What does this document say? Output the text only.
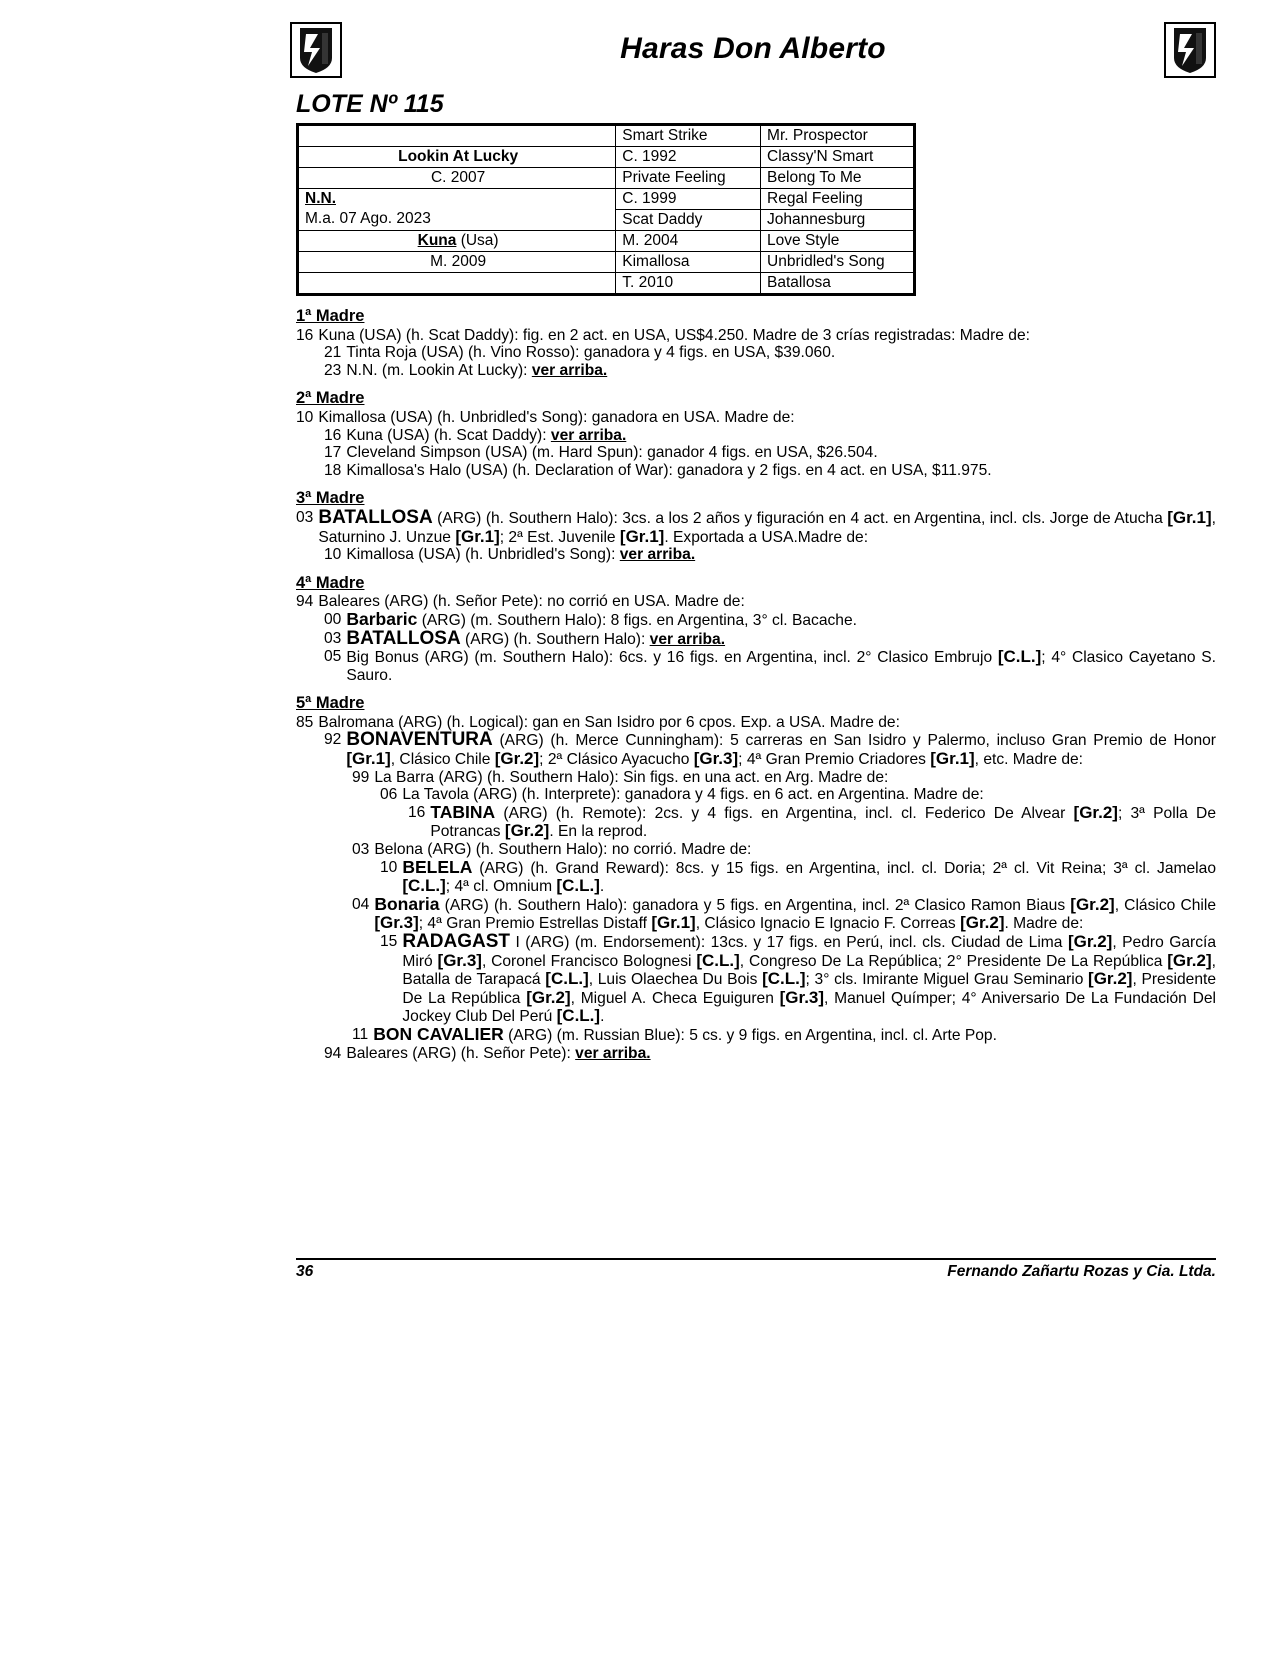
Haras Don Alberto
LOTE Nº 115
	Smart Strike	Mr. Prospector
Lookin At Lucky	C. 1992	Classy'N Smart
C. 2007	Private Feeling	Belong To Me
N.N.	C. 1999	Regal Feeling
M.a. 07 Ago. 2023	Scat Daddy	Johannesburg
Kuna (Usa)	M. 2004	Love Style
M. 2009	Kimallosa	Unbridled's Song
	T. 2010	Batallosa
1ª Madre
16 Kuna (USA) (h. Scat Daddy): fig. en 2 act. en USA, US$4.250. Madre de 3 crías registradas: Madre de:
21 Tinta Roja (USA) (h. Vino Rosso): ganadora y 4 figs. en USA, $39.060.
23 N.N. (m. Lookin At Lucky): ver arriba.
2ª Madre
10 Kimallosa (USA) (h. Unbridled's Song): ganadora en USA. Madre de:
16 Kuna (USA) (h. Scat Daddy): ver arriba.
17 Cleveland Simpson (USA) (m. Hard Spun): ganador 4 figs. en USA, $26.504.
18 Kimallosa's Halo (USA) (h. Declaration of War): ganadora y 2 figs. en 4 act. en USA, $11.975.
3ª Madre
03 BATALLOSA (ARG) (h. Southern Halo): 3cs. a los 2 años y figuración en 4 act. en Argentina, incl. cls. Jorge de Atucha [Gr.1], Saturnino J. Unzue [Gr.1]; 2ª Est. Juvenile [Gr.1]. Exportada a USA.Madre de:
10 Kimallosa (USA) (h. Unbridled's Song): ver arriba.
4ª Madre
94 Baleares (ARG) (h. Señor Pete): no corrió en USA. Madre de:
00 Barbaric (ARG) (m. Southern Halo): 8 figs. en Argentina, 3° cl. Bacache.
03 BATALLOSA (ARG) (h. Southern Halo): ver arriba.
05 Big Bonus (ARG) (m. Southern Halo): 6cs. y 16 figs. en Argentina, incl. 2° Clasico Embrujo [C.L.]; 4° Clasico Cayetano S. Sauro.
5ª Madre
85 Balromana (ARG) (h. Logical): gan en San Isidro por 6 cpos. Exp. a USA. Madre de:
92 BONAVENTURA (ARG) (h. Merce Cunningham): 5 carreras en San Isidro y Palermo, incluso Gran Premio de Honor [Gr.1], Clásico Chile [Gr.2]; 2ª Clásico Ayacucho [Gr.3]; 4ª Gran Premio Criadores [Gr.1], etc. Madre de:
99 La Barra (ARG) (h. Southern Halo): Sin figs. en una act. en Arg. Madre de:
06 La Tavola (ARG) (h. Interprete): ganadora y 4 figs. en 6 act. en Argentina. Madre de:
16 TABINA (ARG) (h. Remote): 2cs. y 4 figs. en Argentina, incl. cl. Federico De Alvear [Gr.2]; 3ª Polla De Potrancas [Gr.2]. En la reprod.
03 Belona (ARG) (h. Southern Halo): no corrió. Madre de:
10 BELELA (ARG) (h. Grand Reward): 8cs. y 15 figs. en Argentina, incl. cl. Doria; 2ª cl. Vit Reina; 3ª cl. Jamelao [C.L.]; 4ª cl. Omnium [C.L.].
04 Bonaria (ARG) (h. Southern Halo): ganadora y 5 figs. en Argentina, incl. 2ª Clasico Ramon Biaus [Gr.2], Clásico Chile [Gr.3]; 4ª Gran Premio Estrellas Distaff [Gr.1], Clásico Ignacio E Ignacio F. Correas [Gr.2]. Madre de:
15 RADAGAST I (ARG) (m. Endorsement): 13cs. y 17 figs. en Perú, incl. cls. Ciudad de Lima [Gr.2], Pedro García Miró [Gr.3], Coronel Francisco Bolognesi [C.L.], Congreso De La República; 2° Presidente De La República [Gr.2], Batalla de Tarapacá [C.L.], Luis Olaechea Du Bois [C.L.]; 3° cls. Imirante Miguel Grau Seminario [Gr.2], Presidente De La República [Gr.2], Miguel A. Checa Eguiguren [Gr.3], Manuel Químper; 4° Aniversario De La Fundación Del Jockey Club Del Perú [C.L.].
11 BON CAVALIER (ARG) (m. Russian Blue): 5 cs. y 9 figs. en Argentina, incl. cl. Arte Pop.
94 Baleares (ARG) (h. Señor Pete): ver arriba.
36	Fernando Zañartu Rozas y Cia. Ltda.
